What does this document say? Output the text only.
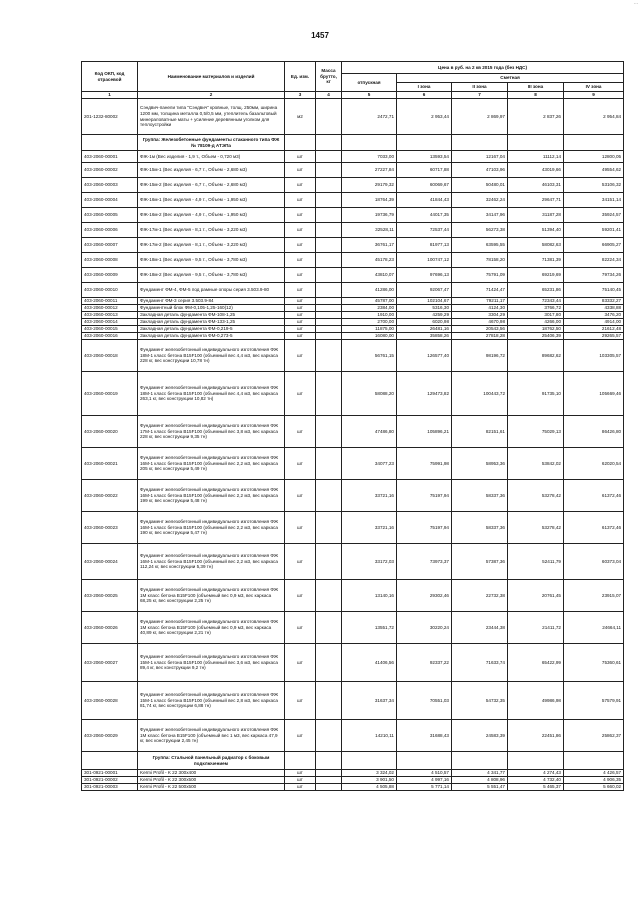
...
1457
Код ОКП, код отрасевой	Наименование материалов и изделий	Ед. изм.	Масса брутто, кг	Цена в руб. на 2 кв 2015 года (без НДС)				
				отпускная	Сметная			
					I зона	II зона	III зона	IV зона
1	2	3	4	5	6	7	8	9
201-1232-80002	Сэндвич-панели типа "Сэндвич" кровные, толщ. 250мм, ширина 1200 мм, толщина металла 0,5/0,5 мм, утеплитель базальтовый минераловатные маты + усиление деревянным уголком для теплоустройки	м2		2472,71	2 953,44	2 869,97	2 837,26	2 954,84
	Группа: Железобетонные фундаменты стаканного типа ФЖ № 78109-д АТЭПа							
403-2060-00001	ФЖ-1м (Вес изделия - 1,9 т., Объем - 0,720 м3)	шт		7033,00	13593,54	12167,04	11112,14	12800,05
403-2060-00002	ФЖ-15м-1 (Вес изделия - 6,7 т., Объем - 2,680 м3)	шт		27227,84	60717,88	47103,96	43019,66	49554,62
403-2060-00003	ФЖ-15м-2 (Вес изделия - 6,7 т., Объем - 2,680 м3)	шт		29179,32	60069,67	50480,01	46103,31	53106,32
403-2060-00004	ФЖ-16м-1 (Вес изделия - 4,9 т., Объем - 1,950 м3)	шт		18764,39	41844,43	32462,24	29647,71	34151,14
403-2060-00005	ФЖ-16м-2 (Вес изделия - 4,9 т., Объем - 1,950 м3)	шт		19736,79	44017,35	34147,96	31187,28	35924,57
403-2060-00006	ФЖ-17м-1 (Вес изделия - 8,1 т., Объем - 3,220 м3)	шт		32528,11	72537,44	56273,38	51394,40	59201,41
403-2060-00007	ФЖ-17м-2 (Вес изделия - 8,1 т., Объем - 3,220 м3)	шт		36761,17	81977,13	63595,55	58082,63	66905,27
403-2060-00008	ФЖ-18м-1 (Вес изделия - 9,5 т., Объем - 3,780 м3)	шт		45178,23	100747,12	78158,20	71381,39	82224,34
403-2060-00009	ФЖ-18м-2 (Вес изделия - 9,5 т., Объем - 3,780 м3)	шт		43810,07	97696,13	75791,09	69219,69	79734,26
403-2060-00010	Фундамент ФМ-4, ФМ-5 под рамные опоры серия 3.503.9-80	шт		41286,00	92067,47	71424,47	65231,86	75140,45
403-2060-00011	Фундамент ФМ-3 серия 3.503.9-84	шт		45787,00	102104,67	79211,17	72343,44	83332,27
403-2060-00012	Фундаментный блок ФМ-0,105-1,25-160(12)	шт		2384,00	5316,30	4124,30	3766,72	4338,88
403-2060-00013	Закладная деталь фундамента ФМ-108-1,25	шт		1910,00	4259,29	3304,29	3017,80	3476,20
403-2060-00014	Закладная деталь фундамента ФМ-133-1,25	шт		2700,00	6020,98	4670,98	4266,00	4914,00
403-2060-00015	Закладная деталь фундамента ФМ-0,219-5	шт		11875,00	26481,16	20543,56	18762,50	21612,48
403-2060-00016	Закладная деталь фундамента ФМ-0,273-5	шт		16080,00	35858,26	27818,28	25406,39	29265,57
403-2060-00018	Фундамент железобетонный индивидуального изготовления ФЖ 18М-1 класс бетона В15F100 (объемный вес 4,4 м3, вес каркаса 228 кг, вес конструкции 10,78 тн)	шт		56761,15	126577,40	98196,72	89682,62	103305,57
403-2060-00019	Фундамент железобетонный индивидуального изготовления ФЖ 18М-1 класс бетона В15F100 (объемный вес 4,4 м3, вес каркаса 263,1 кг, вес конструкции 10,82 тн)	шт		58088,20	129473,82	100443,72	91735,10	105669,46
403-2060-00020	Фундамент железобетонный индивидуального изготовления ФЖ 17М-1 класс бетона В15F100 (объемный вес 3,8 м3, вес каркаса 228 кг, вес конструкции 9,35 тн)	шт		47486,80	105896,21	82151,61	75029,13	86426,80
403-2060-00021	Фундамент железобетонный индивидуального изготовления ФЖ 16М-1 класс бетона В15F100 (объемный вес 2,2 м3, вес каркаса 205 кг, вес конструкции 5,49 тн)	шт		34077,23	75991,98	58953,36	53842,02	62020,54
403-2060-00022	Фундамент железобетонный индивидуального изготовления ФЖ 16М-1 класс бетона В15F100 (объемный вес 2,2 м3, вес каркаса 199 кг, вес конструкции 5,48 тн)	шт		33721,16	75197,94	58337,36	53278,42	61372,46
403-2060-00023	Фундамент железобетонный индивидуального изготовления ФЖ 16М-1 класс бетона В15F100 (объемный вес 2,2 м3, вес каркаса 190 кг, вес конструкции 5,47 тн)	шт		33721,16	75197,94	58337,36	53278,42	61372,46
403-2060-00024	Фундамент железобетонный индивидуального изготовления ФЖ 16М-1 класс бетона В15F100 (объемный вес 2,2 м3, вес каркаса 112,24 кг, вес конструкции 5,39 тн)	шт		33172,03	73973,37	57387,36	52411,79	60373,04
403-2060-00025	Фундамент железобетонный индивидуального изготовления ФЖ 1М класс бетона В15F100 (объемный вес 0,9 м3, вес каркаса 68,25 кг, вес конструкции 2,25 тн)	шт		13140,16	29302,46	22732,38	20761,45	23915,07
403-2060-00026	Фундамент железобетонный индивидуального изготовления ФЖ 1М класс бетона В15F100 (объемный вес 0,9 м3, вес каркаса 40,89 кг, вес конструкции 2,21 тн)	шт		13551,72	30220,24	23444,38	21411,72	24664,11
403-2060-00027	Фундамент железобетонный индивидуального изготовления ФЖ 15М-1 класс бетона В15F100 (объемный вес 3,6 м3, вес каркаса 89,4 кг, вес конструкции 9,2 тн)	шт		41406,56	92337,22	71633,74	65422,99	75360,61
403-2060-00028	Фундамент железобетонный индивидуального изготовления ФЖ 15М-1 класс бетона В15F100 (объемный вес 2,8 м3, вес каркаса 81,74 кг, вес конструкции 6,88 тн)	шт		31637,34	70551,03	54732,35	49986,98	57579,91
403-2060-00029	Фундамент железобетонный индивидуального изготовления ФЖ 1М класс бетона В15F100 (объемный вес 1 м3, вес каркаса 47,9 кг, вес конструкции 2,45 тн)	шт		14210,11	31688,43	24583,39	22451,86	25862,37
	Группа: Стальной панельный радиатор с боковым подключением							
301-0921-00001	Kermi Profil - K 22 300x400	шт		3 324,02	4 510,57	4 341,77	4 274,43	4 426,57
301-0921-00002	Kermi Profil - K 22 300x500	шт		3 901,50	4 997,16	4 808,96	4 732,40	4 906,35
301-0921-00003	Kermi Profil - K 22 500x500	шт		4 505,88	5 771,14	5 551,47	5 465,37	5 660,02
